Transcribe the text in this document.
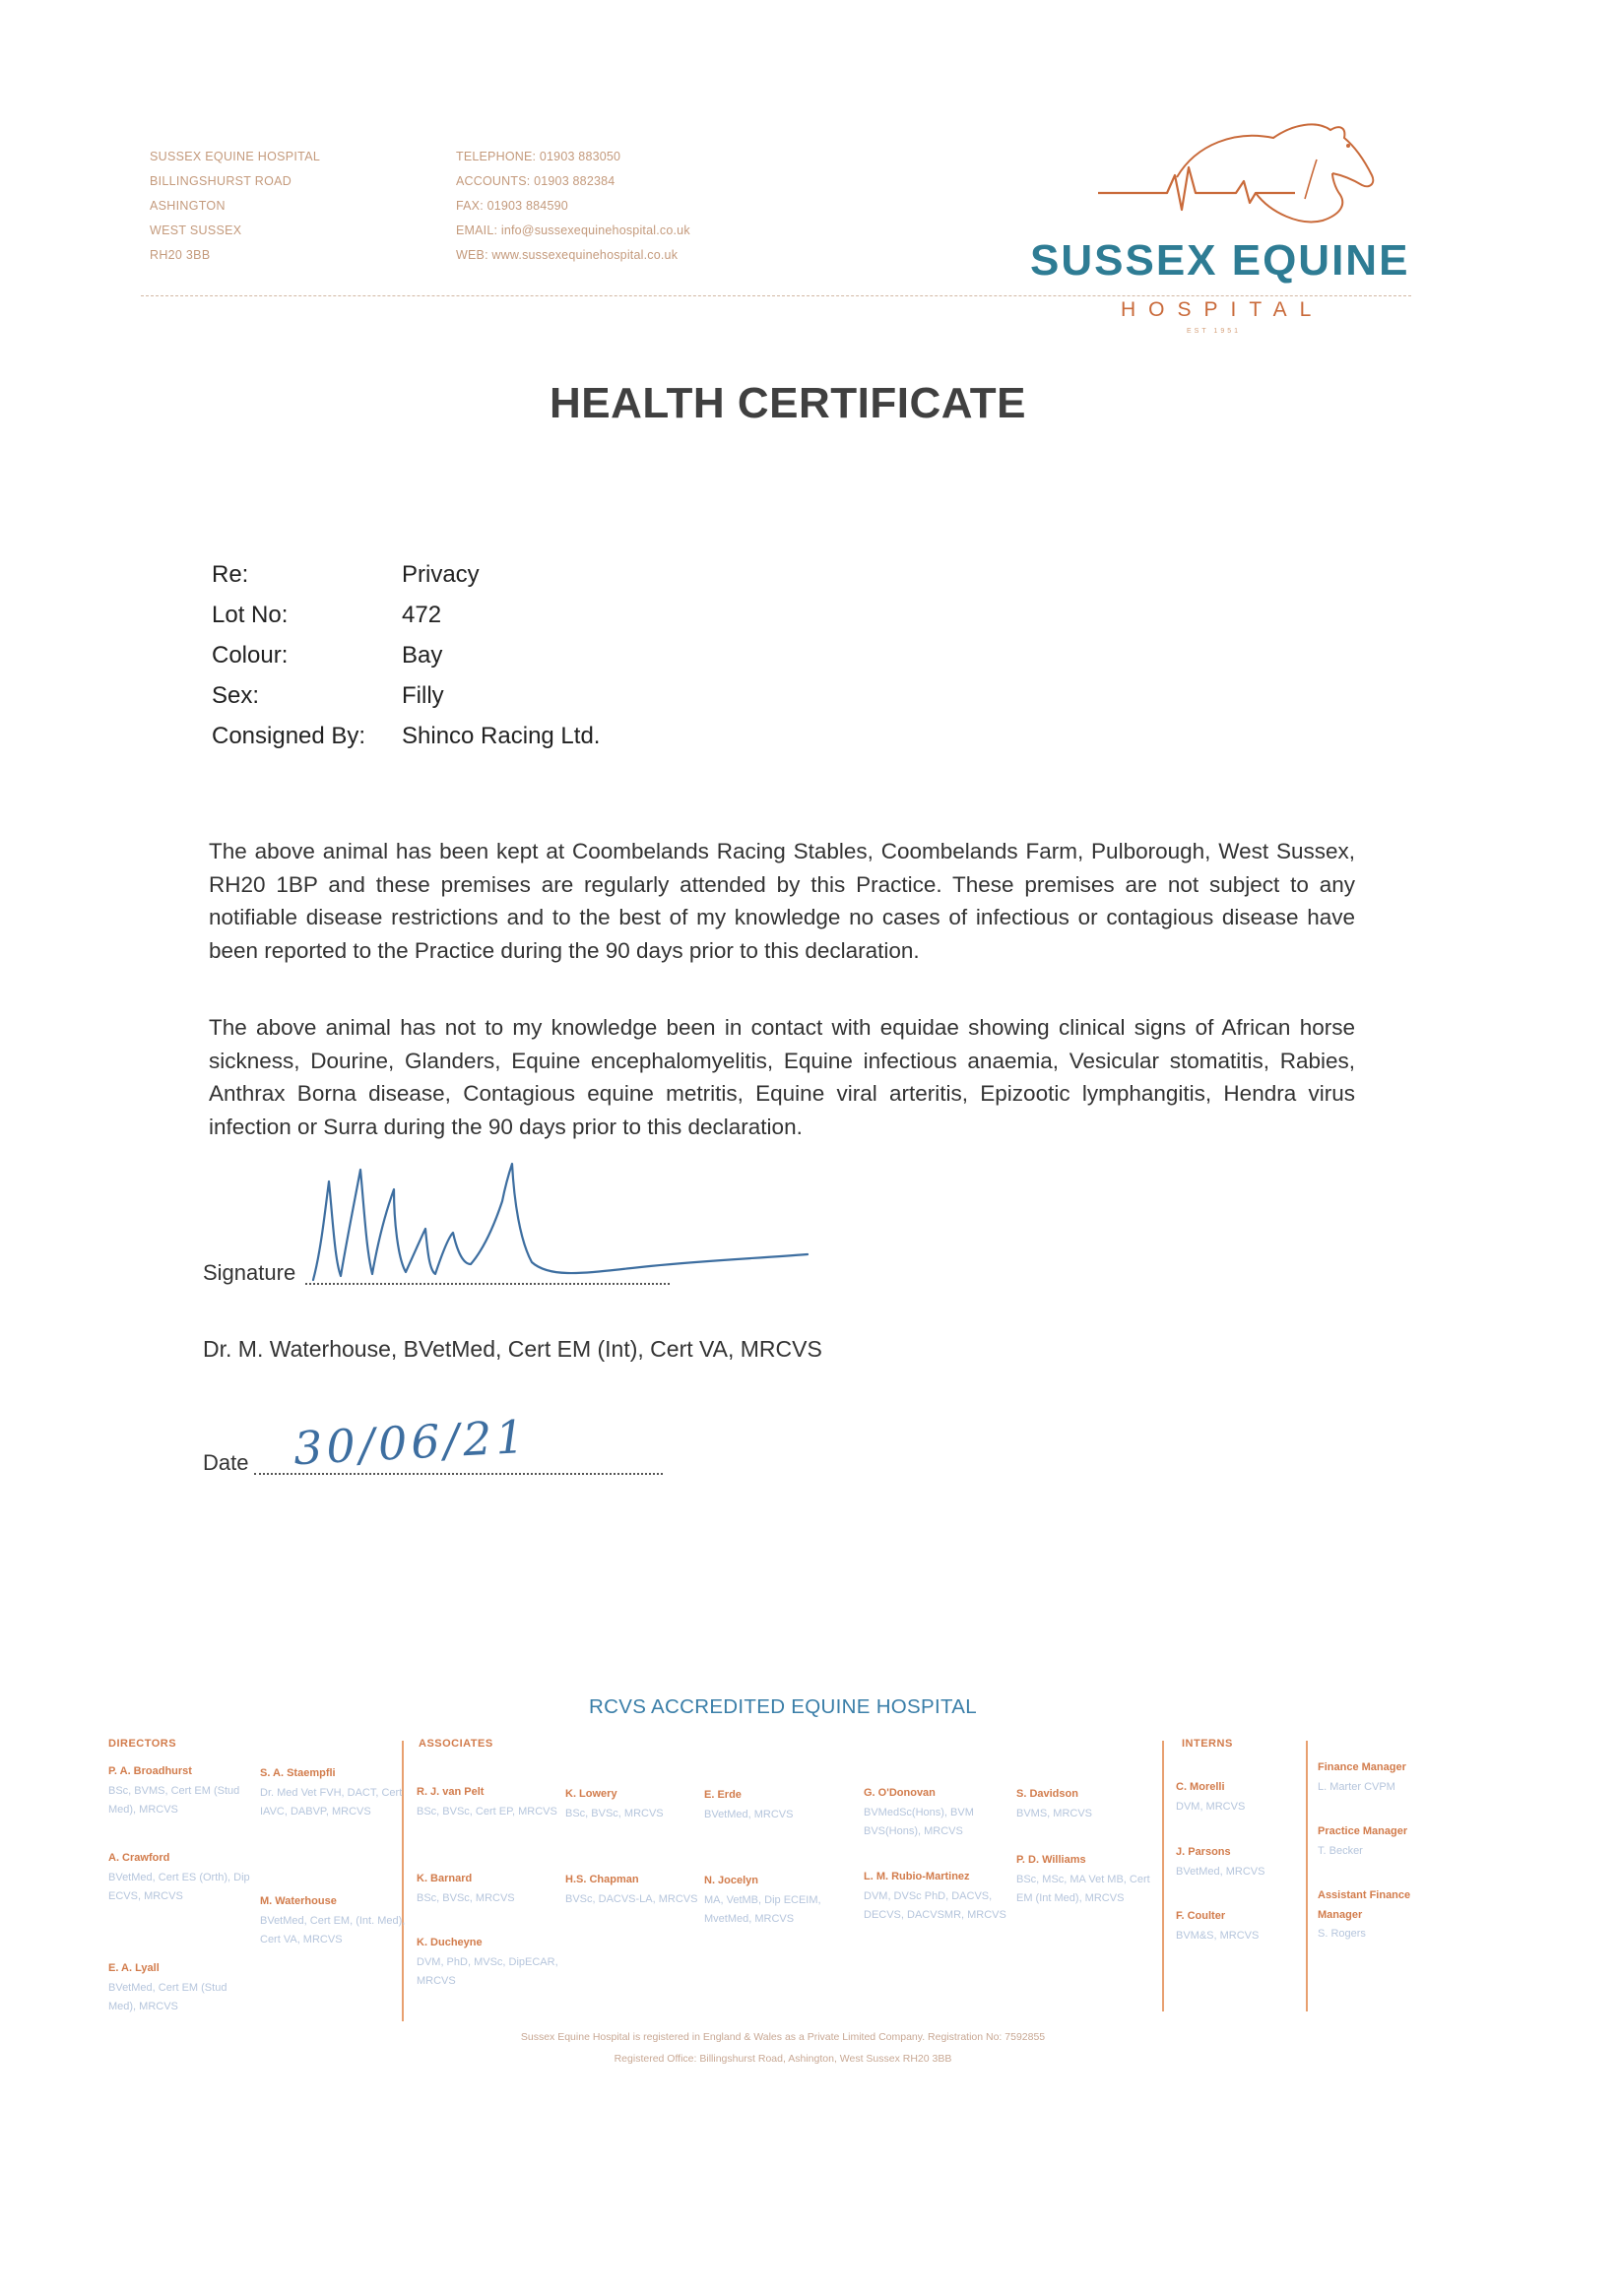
SUSSEX EQUINE HOSPITAL
BILLINGSHURST ROAD
ASHINGTON
WEST SUSSEX
RH20 3BB
TELEPHONE: 01903 883050
ACCOUNTS: 01903 882384
FAX: 01903 884590
EMAIL: info@sussexequinehospital.co.uk
WEB: www.sussexequinehospital.co.uk	SUSSEX EQUINE
HOSPITAL
EST 1951
HEALTH CERTIFICATE
Re:	Privacy
Lot No:	472
Colour:	Bay
Sex:	Filly
Consigned By: Shinco Racing Ltd.
The above animal has been kept at Coombelands Racing Stables, Coombelands Farm, Pulborough, West Sussex, RH20 1BP and these premises are regularly attended by this Practice. These premises are not subject to any notifiable disease restrictions and to the best of my knowledge no cases of infectious or contagious disease have been reported to the Practice during the 90 days prior to this declaration.
The above animal has not to my knowledge been in contact with equidae showing clinical signs of African horse sickness, Dourine, Glanders, Equine encephalomyelitis, Equine infectious anaemia, Vesicular stomatitis, Rabies, Anthrax Borna disease, Contagious equine metritis, Equine viral arteritis, Epizootic lymphangitis, Hendra virus infection or Surra during the 90 days prior to this declaration.
Signature
Dr. M. Waterhouse, BVetMed, Cert EM (Int), Cert VA, MRCVS
Date 30/06/21
RCVS ACCREDITED EQUINE HOSPITAL
DIRECTORS	ASSOCIATES	INTERNS
P. A. Broadhurst
BSc, BVMS, Cert EM (Stud Med), MRCVS
A. Crawford
BVetMed, Cert ES (Orth), Dip ECVS, MRCVS
E. A. Lyall
BVetMed, Cert EM (Stud Med), MRCVS
S. A. Staempfli
Dr. Med Vet FVH, DACT, Cert IAVC, DABVP, MRCVS
M. Waterhouse
BVetMed, Cert EM, (Int. Med), Cert VA, MRCVS
R. J. van Pelt
BSc, BVSc, Cert EP, MRCVS
K. Barnard
BSc, BVSc, MRCVS
K. Ducheyne
DVM, PhD, MVSc, DipECAR, MRCVS
K. Lowery
BSc, BVSc, MRCVS
H.S. Chapman
BVSc, DACVS-LA, MRCVS
E. Erde
BVetMed, MRCVS
N. Jocelyn
MA, VetMB, Dip ECEIM, MvetMed, MRCVS
G. O'Donovan
BVMedSc(Hons), BVM BVS(Hons), MRCVS
L. M. Rubio-Martinez
DVM, DVSc PhD, DACVS, DECVS, DACVSMR, MRCVS
S. Davidson
BVMS, MRCVS
P. D. Williams
BSc, MSc, MA Vet MB, Cert EM (Int Med), MRCVS
C. Morelli
DVM, MRCVS
J. Parsons
BVetMed, MRCVS
F. Coulter
BVM&S, MRCVS
Finance Manager
L. Marter CVPM
Practice Manager
T. Becker
Assistant Finance Manager
S. Rogers
Sussex Equine Hospital is registered in England & Wales as a Private Limited Company. Registration No: 7592855
Registered Office: Billingshurst Road, Ashington, West Sussex RH20 3BB
